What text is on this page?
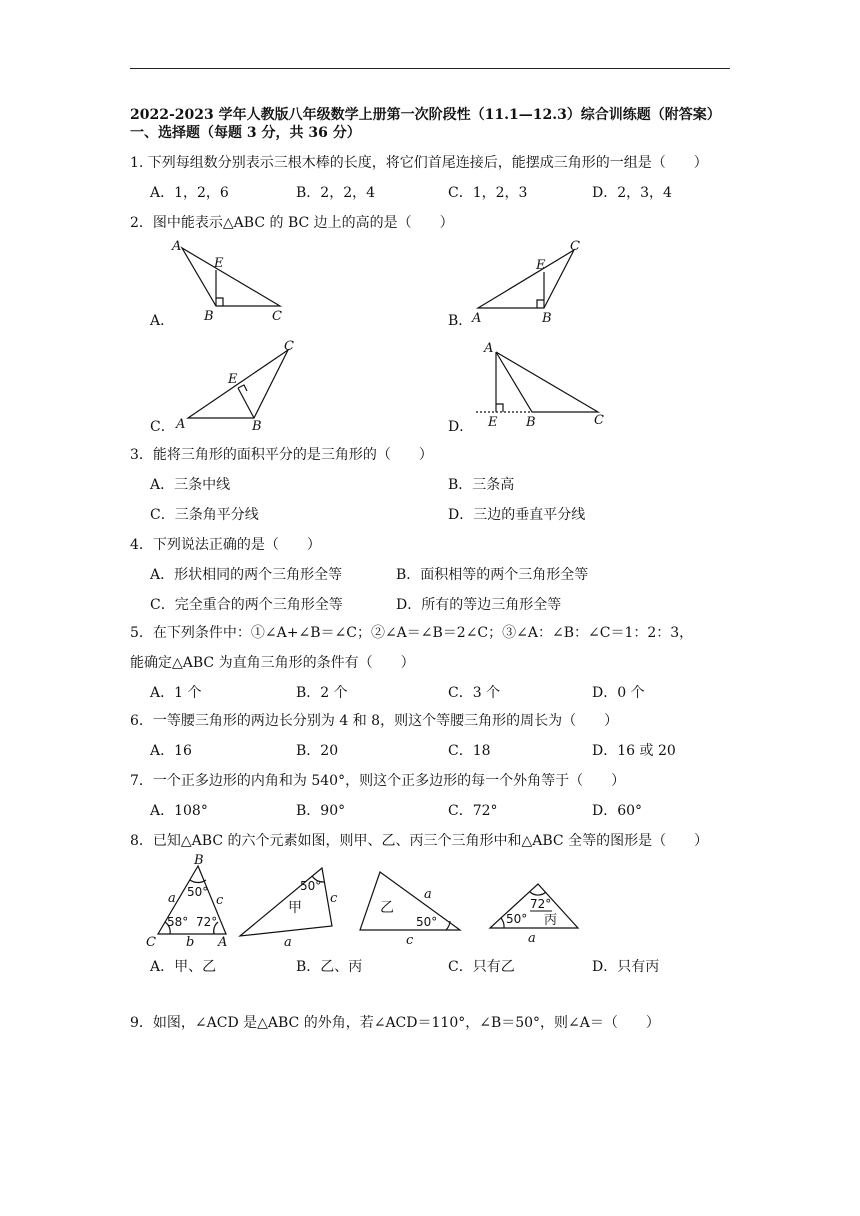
2022-2023 学年人教版八年级数学上册第一次阶段性（11.1—12.3）综合训练题（附答案）
一、选择题（每题 3 分，共 36 分）
1. 下列每组数分别表示三根木棒的长度，将它们首尾连接后，能摆成三角形的一组是（　　）
A．1，2，6	B．2，2，4	C．1，2，3	D．2，3，4
2．图中能表示△ABC 的 BC 边上的高的是（　　）
A．	B．
C．	D．
A
E
B	C
C
E
A	B
C
E
A	B
A
E B	C
3．能将三角形的面积平分的是三角形的（　　）
A．三条中线	B．三条高
C．三条角平分线	D．三边的垂直平分线
4．下列说法正确的是（　　）
A．形状相同的两个三角形全等	B．面积相等的两个三角形全等
C．完全重合的两个三角形全等	D．所有的等边三角形全等
5．在下列条件中：①∠A+∠B＝∠C；②∠A＝∠B＝2∠C；③∠A：∠B：∠C＝1：2：3，
能确定△ABC 为直角三角形的条件有（　　）
A．1 个	B．2 个	C．3 个	D．0 个
6．一等腰三角形的两边长分别为 4 和 8，则这个等腰三角形的周长为（　　）
A．16	B．20	C．18	D．16 或 20
7．一个正多边形的内角和为 540°，则这个正多边形的每一个外角等于（　　）
A．108°	B．90°	C．72°	D．60°
8．已知△ABC 的六个元素如图，则甲、乙、丙三个三角形中和△ABC 全等的图形是（　　）
B
C	A
a
b
c
50°
58° 72°
50°
甲
c
a
乙
50°
a
c
72°
丙
50°
a
A．甲、乙	B．乙、丙	C．只有乙	D．只有丙
9．如图，∠ACD 是△ABC 的外角，若∠ACD＝110°，∠B＝50°，则∠A＝（　　）
